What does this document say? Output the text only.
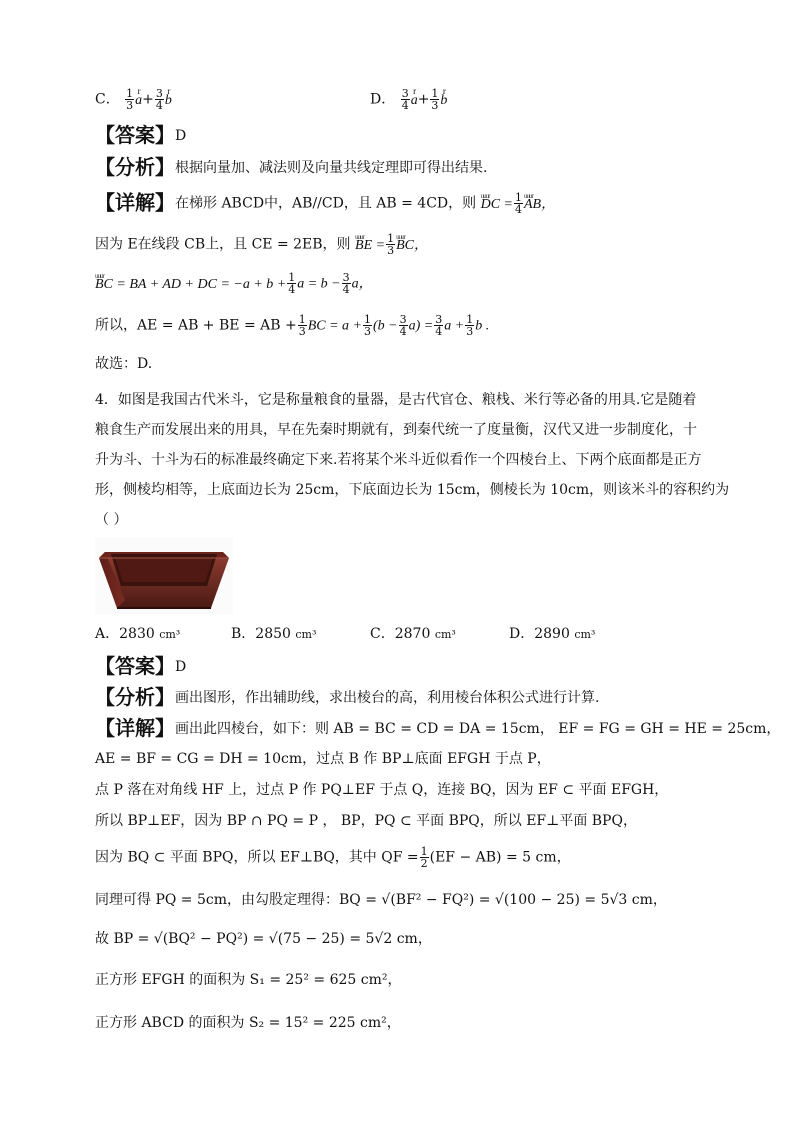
C． $\frac{1}{3}$ r $a+ \frac{3}{4}$ r b	D． $\frac{3}{4}$ r $a+ \frac{1}{3}$ r b
【答案】D
【分析】根据向量加、减法则及向量共线定理即可得出结果.
【详解】在梯形 ABCD中，AB//CD，且 AB = 4CD，则 uuur DC = $\frac{1}{4}$ uuur AB，
因为 E在线段 CB上，且 CE = 2EB，则 uuur BE = $\frac{1}{3}$ uuur BC，
uuur BC = BA + AD + DC = $-a + b + \frac{1}{4}$ $a = b - \frac{3}{4}$ a，
所以，AE = AB + BE = AB + $\frac{1}{3}$ BC = $a + \frac{1}{3} (b - \frac{3}{4} a) = \frac{3}{4}$ $a + \frac{1}{3}$ b .
故选：D.
4．如图是我国古代米斗，它是称量粮食的量器，是古代官仓、粮栈、米行等必备的用具.它是随着
粮食生产而发展出来的用具，早在先秦时期就有，到秦代统一了度量衡，汉代又进一步制度化，十
升为斗、十斗为石的标准最终确定下来.若将某个米斗近似看作一个四棱台上、下两个底面都是正方
形，侧棱均相等，上底面边长为 25cm，下底面边长为 15cm，侧棱长为 10cm，则该米斗的容积约为
（ ）
A．2830 cm³	B．2850 cm³	C．2870 cm³	D．2890 cm³
【答案】D
【分析】画出图形，作出辅助线，求出棱台的高，利用棱台体积公式进行计算.
【详解】画出此四棱台，如下：则 AB = BC = CD = DA = 15cm， EF = FG = GH = HE = 25cm，
AE = BF = CG = DH = 10cm，过点 B 作 BP⊥底面 EFGH 于点 P，
点 P 落在对角线 HF 上，过点 P 作 PQ⊥EF 于点 Q，连接 BQ，因为 EF ⊂ 平面 EFGH，
所以 BP⊥EF，因为 BP ∩ PQ = P ， BP，PQ ⊂ 平面 BPQ，所以 EF⊥平面 BPQ，
因为 BQ ⊂ 平面 BPQ，所以 EF⊥BQ，其中 QF = $\frac{1}{2} (EF - AB) = 5$ cm，
同理可得 PQ = 5cm，由勾股定理得：BQ = √(BF² − FQ²) = √(100 − 25) = 5√3 cm，
故 BP = √(BQ² − PQ²) = √(75 − 25) = 5√2 cm，
正方形 EFGH 的面积为 S₁ = 25² = 625 cm²，
正方形 ABCD 的面积为 S₂ = 15² = 225 cm²，
